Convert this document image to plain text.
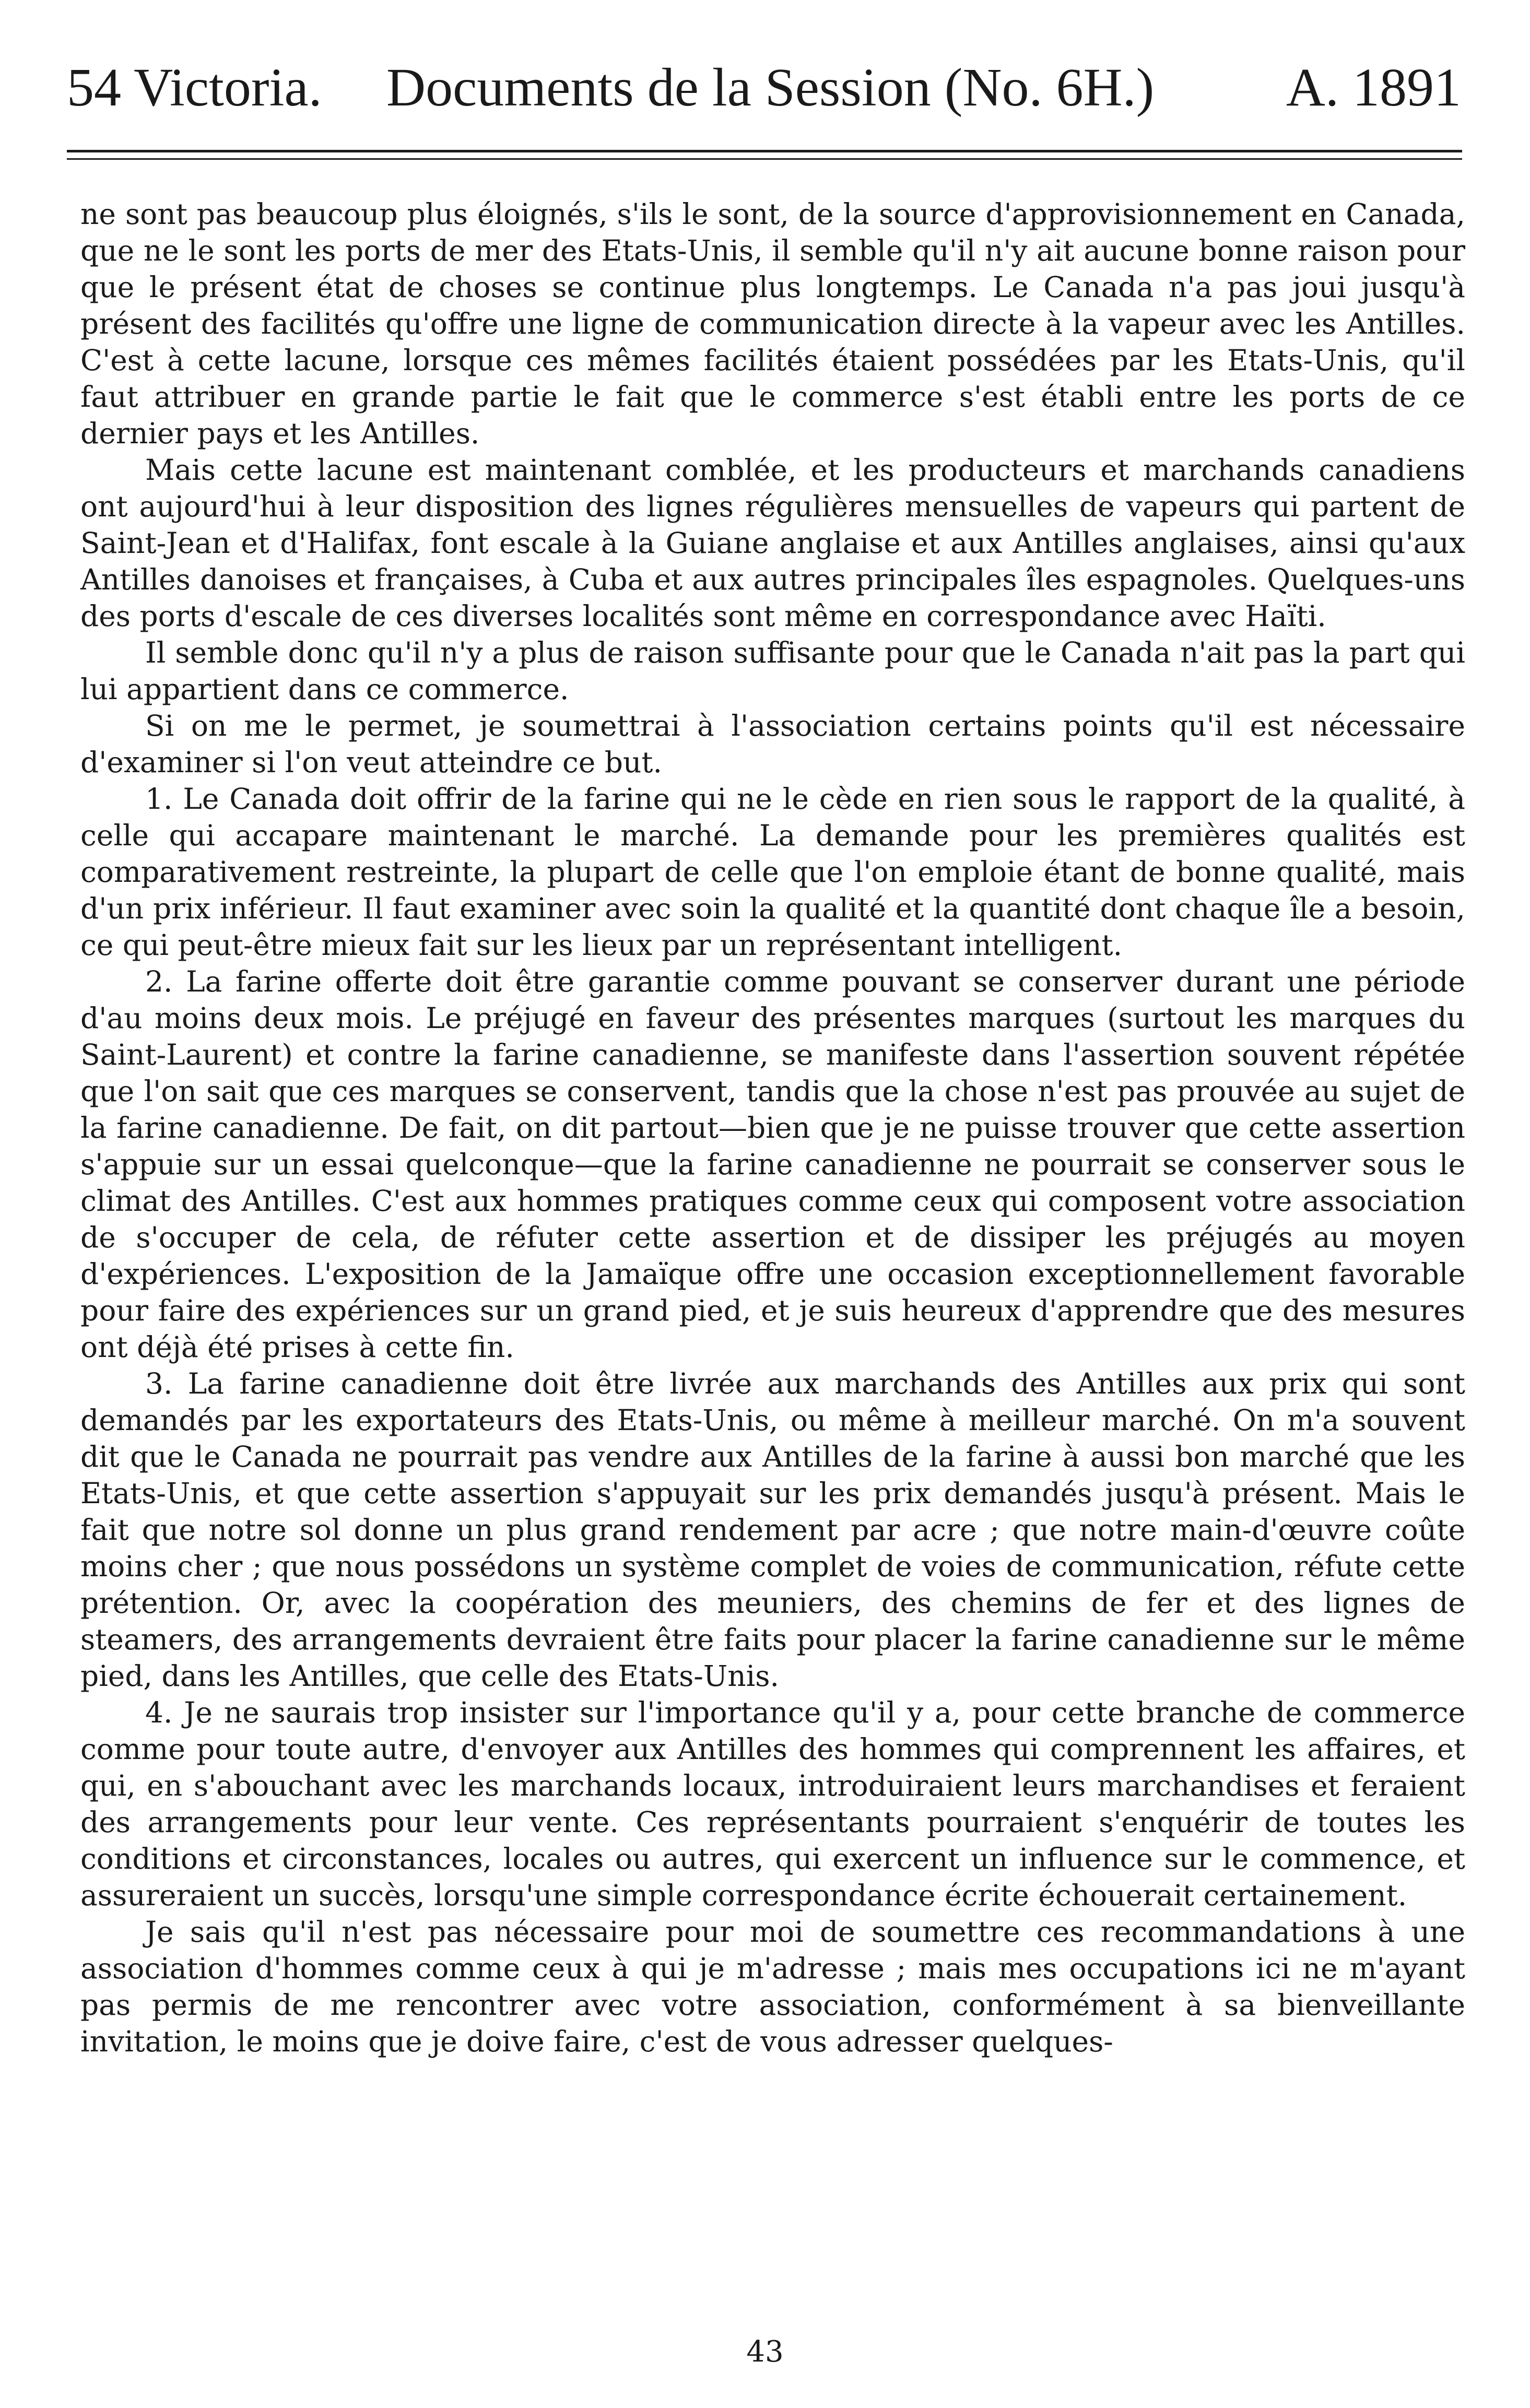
54 Victoria. Documents de la Session (No. 6H.) A. 1891

ne sont pas beaucoup plus éloignés, s'ils le sont, de la source d'approvisionnement en Canada, que ne le sont les ports de mer des Etats-Unis, il semble qu'il n'y ait aucune bonne raison pour que le présent état de choses se continue plus longtemps. Le Canada n'a pas joui jusqu'à présent des facilités qu'offre une ligne de communication directe à la vapeur avec les Antilles. C'est à cette lacune, lorsque ces mêmes facilités étaient possédées par les Etats-Unis, qu'il faut attribuer en grande partie le fait que le commerce s'est établi entre les ports de ce dernier pays et les Antilles.

Mais cette lacune est maintenant comblée, et les producteurs et marchands canadiens ont aujourd'hui à leur disposition des lignes régulières mensuelles de vapeurs qui partent de Saint-Jean et d'Halifax, font escale à la Guiane anglaise et aux Antilles anglaises, ainsi qu'aux Antilles danoises et françaises, à Cuba et aux autres principales îles espagnoles. Quelques-uns des ports d'escale de ces diverses localités sont même en correspondance avec Haïti.

Il semble donc qu'il n'y a plus de raison suffisante pour que le Canada n'ait pas la part qui lui appartient dans ce commerce.

Si on me le permet, je soumettrai à l'association certains points qu'il est nécessaire d'examiner si l'on veut atteindre ce but.

1. Le Canada doit offrir de la farine qui ne le cède en rien sous le rapport de la qualité, à celle qui accapare maintenant le marché. La demande pour les premières qualités est comparativement restreinte, la plupart de celle que l'on emploie étant de bonne qualité, mais d'un prix inférieur. Il faut examiner avec soin la qualité et la quantité dont chaque île a besoin, ce qui peut-être mieux fait sur les lieux par un représentant intelligent.

2. La farine offerte doit être garantie comme pouvant se conserver durant une période d'au moins deux mois. Le préjugé en faveur des présentes marques (surtout les marques du Saint-Laurent) et contre la farine canadienne, se manifeste dans l'assertion souvent répétée que l'on sait que ces marques se conservent, tandis que la chose n'est pas prouvée au sujet de la farine canadienne. De fait, on dit partout—bien que je ne puisse trouver que cette assertion s'appuie sur un essai quelconque—que la farine canadienne ne pourrait se conserver sous le climat des Antilles. C'est aux hommes pratiques comme ceux qui composent votre association de s'occuper de cela, de réfuter cette assertion et de dissiper les préjugés au moyen d'expériences. L'exposition de la Jamaïque offre une occasion exceptionnellement favorable pour faire des expériences sur un grand pied, et je suis heureux d'apprendre que des mesures ont déjà été prises à cette fin.

3. La farine canadienne doit être livrée aux marchands des Antilles aux prix qui sont demandés par les exportateurs des Etats-Unis, ou même à meilleur marché. On m'a souvent dit que le Canada ne pourrait pas vendre aux Antilles de la farine à aussi bon marché que les Etats-Unis, et que cette assertion s'appuyait sur les prix demandés jusqu'à présent. Mais le fait que notre sol donne un plus grand rendement par acre ; que notre main-d'œuvre coûte moins cher ; que nous possédons un système complet de voies de communication, réfute cette prétention. Or, avec la coopération des meuniers, des chemins de fer et des lignes de steamers, des arrangements devraient être faits pour placer la farine canadienne sur le même pied, dans les Antilles, que celle des Etats-Unis.

4. Je ne saurais trop insister sur l'importance qu'il y a, pour cette branche de commerce comme pour toute autre, d'envoyer aux Antilles des hommes qui comprennent les affaires, et qui, en s'abouchant avec les marchands locaux, introduiraient leurs marchandises et feraient des arrangements pour leur vente. Ces représentants pourraient s'enquérir de toutes les conditions et circonstances, locales ou autres, qui exercent un influence sur le commence, et assureraient un succès, lorsqu'une simple correspondance écrite échouerait certainement.

Je sais qu'il n'est pas nécessaire pour moi de soumettre ces recommandations à une association d'hommes comme ceux à qui je m'adresse ; mais mes occupations ici ne m'ayant pas permis de me rencontrer avec votre association, conformément à sa bienveillante invitation, le moins que je doive faire, c'est de vous adresser quelques-

43
